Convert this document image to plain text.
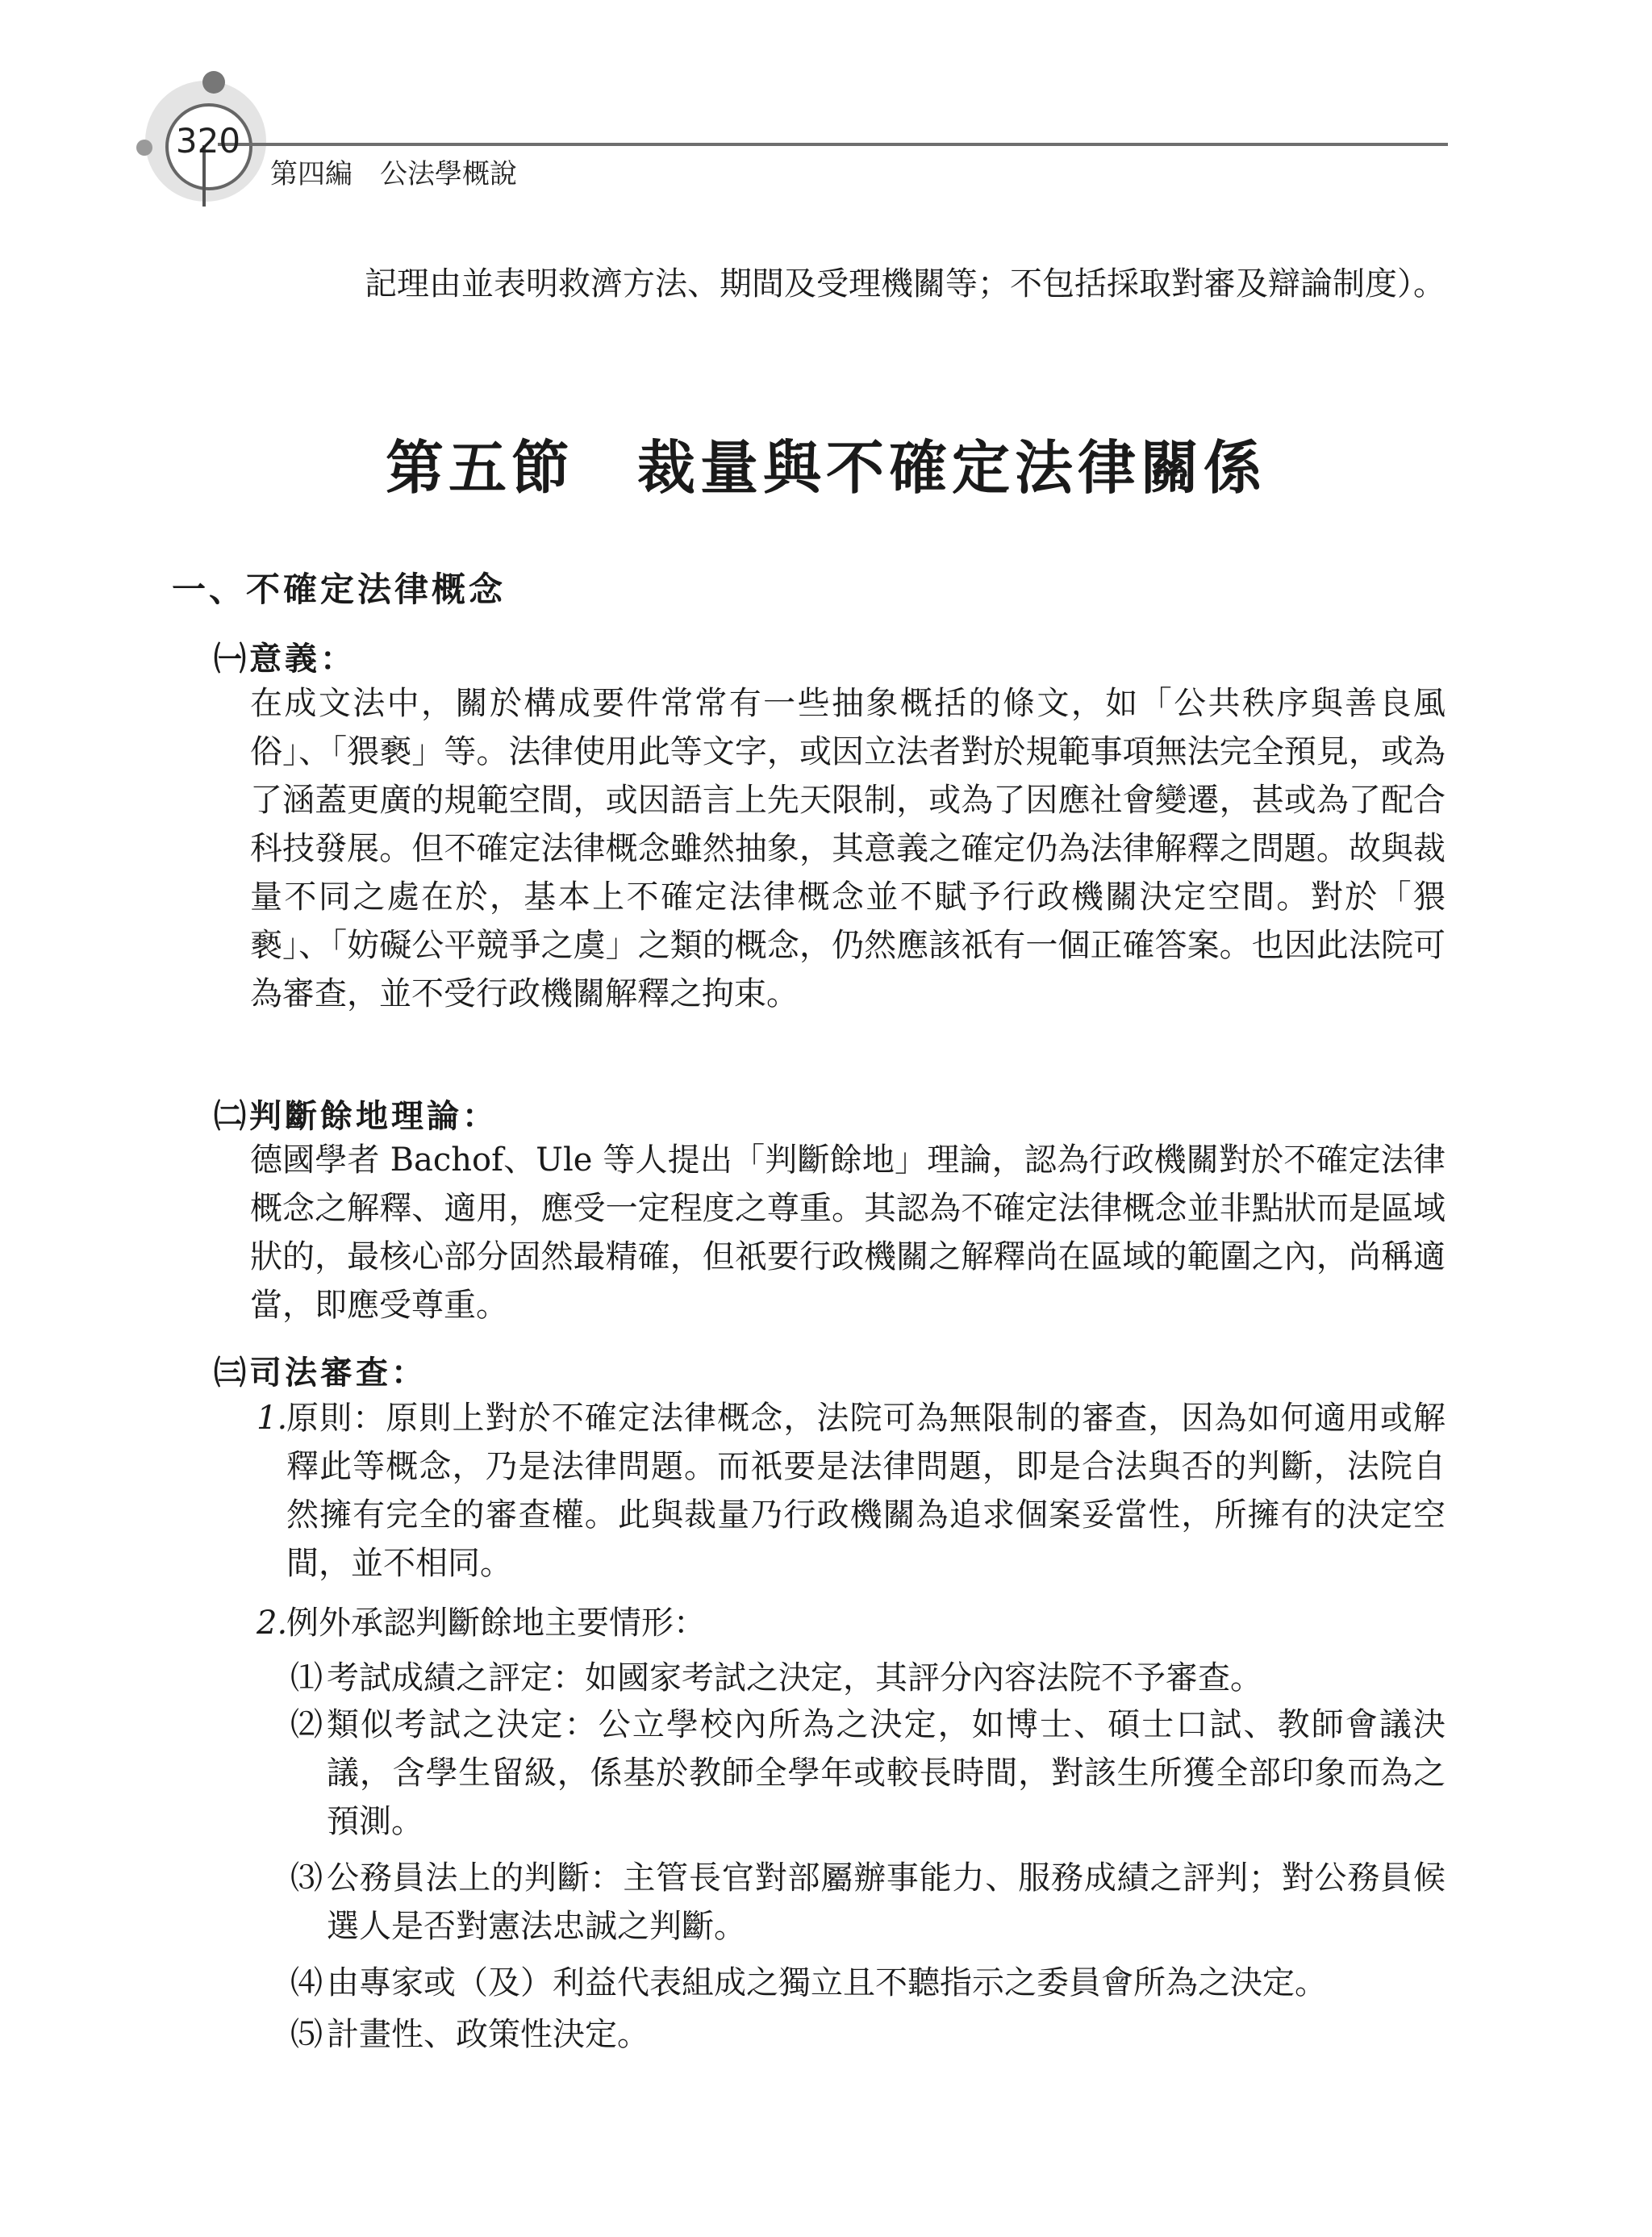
320
第四編　公法學概說
記理由並表明救濟方法、期間及受理機關等；不包括採取對審及辯論制度）。
第五節　裁量與不確定法律關係
一、不確定法律概念
㈠意義：
在成文法中，關於構成要件常常有一些抽象概括的條文，如「公共秩序與善良風俗」、「猥褻」等。法律使用此等文字，或因立法者對於規範事項無法完全預見，或為了涵蓋更廣的規範空間，或因語言上先天限制，或為了因應社會變遷，甚或為了配合科技發展。但不確定法律概念雖然抽象，其意義之確定仍為法律解釋之問題。故與裁量不同之處在於，基本上不確定法律概念並不賦予行政機關決定空間。對於「猥褻」、「妨礙公平競爭之虞」之類的概念，仍然應該祇有一個正確答案。也因此法院可為審查，並不受行政機關解釋之拘束。
㈡判斷餘地理論：
德國學者 Bachof、Ule 等人提出「判斷餘地」理論，認為行政機關對於不確定法律概念之解釋、適用，應受一定程度之尊重。其認為不確定法律概念並非點狀而是區域狀的，最核心部分固然最精確，但祇要行政機關之解釋尚在區域的範圍之內，尚稱適當，即應受尊重。
㈢司法審查：
1.
原則：原則上對於不確定法律概念，法院可為無限制的審查，因為如何適用或解釋此等概念，乃是法律問題。而祇要是法律問題，即是合法與否的判斷，法院自然擁有完全的審查權。此與裁量乃行政機關為追求個案妥當性，所擁有的決定空間，並不相同。
2.
例外承認判斷餘地主要情形：
⑴ 考試成績之評定：如國家考試之決定，其評分內容法院不予審查。
⑵ 類似考試之決定：公立學校內所為之決定，如博士、碩士口試、教師會議決議，含學生留級，係基於教師全學年或較長時間，對該生所獲全部印象而為之預測。
⑶ 公務員法上的判斷：主管長官對部屬辦事能力、服務成績之評判；對公務員候選人是否對憲法忠誠之判斷。
⑷ 由專家或（及）利益代表組成之獨立且不聽指示之委員會所為之決定。
⑸ 計畫性、政策性決定。
